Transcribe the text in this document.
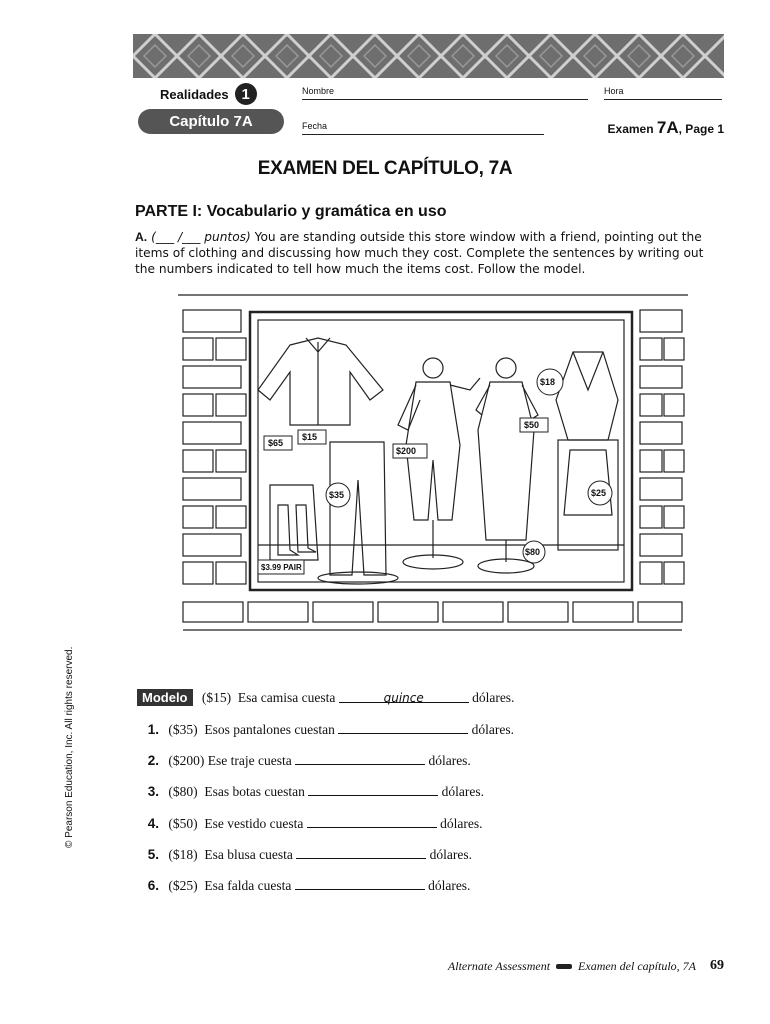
Realidades 1
Capítulo 7A
Nombre	Hora
Fecha	Examen 7A, Page 1
EXAMEN DEL CAPÍTULO, 7A
PARTE I: Vocabulario y gramática en uso
A. (___ /___ puntos) You are standing outside this store window with a friend, pointing out the items of clothing and discussing how much they cost. Complete the sentences by writing out the numbers indicated to tell how much the items cost. Follow the model.
$15
$65
$35
$200
$50
$18
$25
$80
$3.99 PAIR
© Pearson Education, Inc. All rights reserved.	Modelo ($15) Esa camisa cuesta	quince	dólares.
1. ($35) Esos pantalones cuestan	dólares.
2. ($200) Ese traje cuesta	dólares.
3. ($80) Esas botas cuestan	dólares.
4. ($50) Ese vestido cuesta	dólares.
5. ($18) Esa blusa cuesta	dólares.
6. ($25) Esa falda cuesta	dólares.
Alternate Assessment Examen del capítulo, 7A 69
